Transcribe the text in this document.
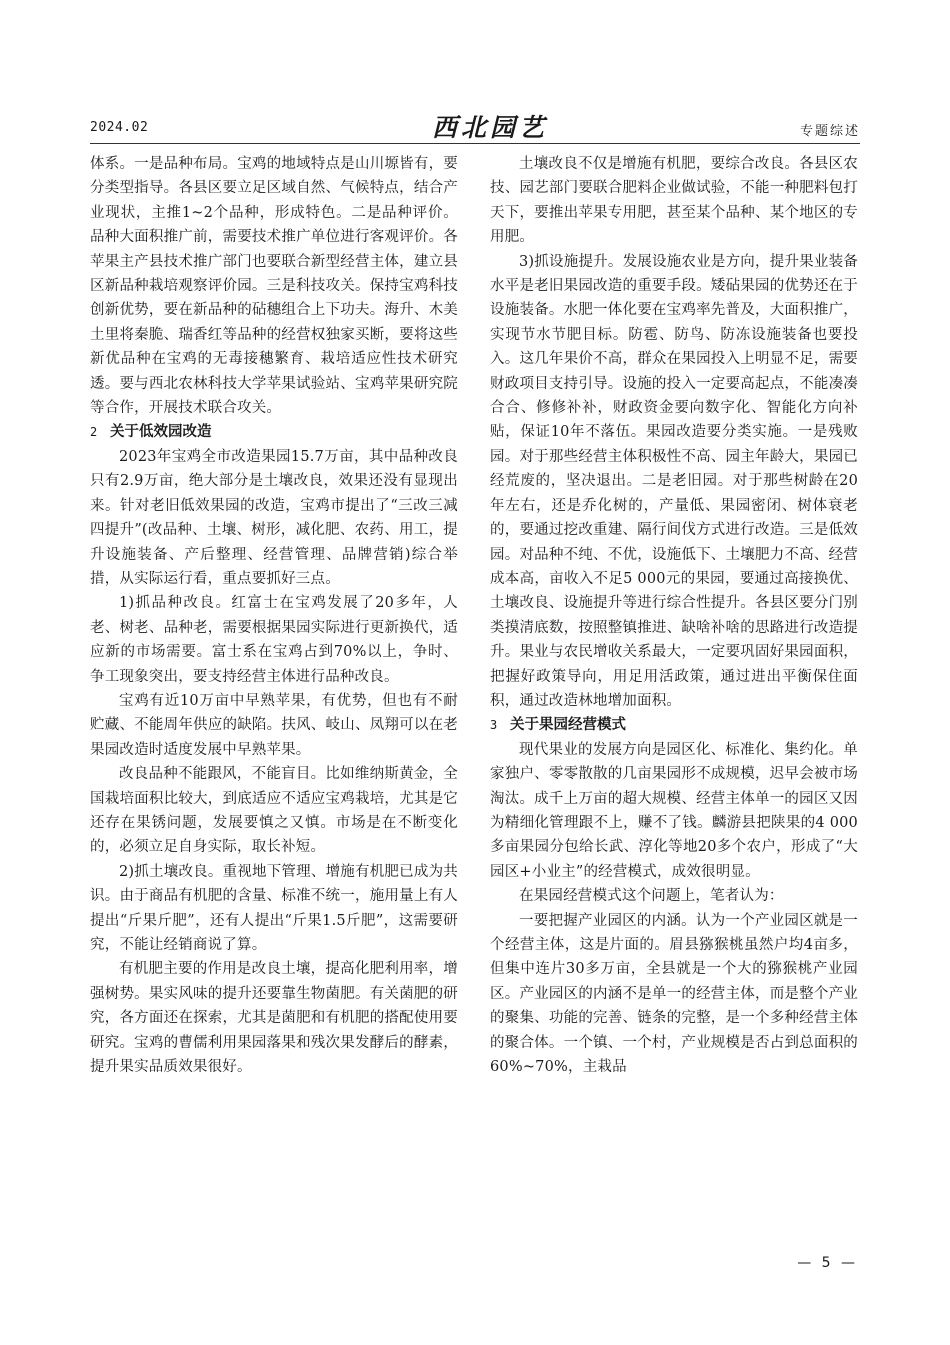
2024.02	西北园艺	专题综述

体系。一是品种布局。宝鸡的地域特点是山川塬皆有，要分类型指导。各县区要立足区域自然、气候特点，结合产业现状，主推1~2个品种，形成特色。二是品种评价。品种大面积推广前，需要技术推广单位进行客观评价。各苹果主产县技术推广部门也要联合新型经营主体，建立县区新品种栽培观察评价园。三是科技攻关。保持宝鸡科技创新优势，要在新品种的砧穗组合上下功夫。海升、木美土里将秦脆、瑞香红等品种的经营权独家买断，要将这些新优品种在宝鸡的无毒接穗繁育、栽培适应性技术研究透。要与西北农林科技大学苹果试验站、宝鸡苹果研究院等合作，开展技术联合攻关。

2 关于低效园改造

2023年宝鸡全市改造果园15.7万亩，其中品种改良只有2.9万亩，绝大部分是土壤改良，效果还没有显现出来。针对老旧低效果园的改造，宝鸡市提出了“三改三减四提升”(改品种、土壤、树形，减化肥、农药、用工，提升设施装备、产后整理、经营管理、品牌营销)综合举措，从实际运行看，重点要抓好三点。

1)抓品种改良。红富士在宝鸡发展了20多年，人老、树老、品种老，需要根据果园实际进行更新换代，适应新的市场需要。富士系在宝鸡占到70%以上，争时、争工现象突出，要支持经营主体进行品种改良。

宝鸡有近10万亩中早熟苹果，有优势，但也有不耐贮藏、不能周年供应的缺陷。扶风、岐山、凤翔可以在老果园改造时适度发展中早熟苹果。

改良品种不能跟风，不能盲目。比如维纳斯黄金，全国栽培面积比较大，到底适应不适应宝鸡栽培，尤其是它还存在果锈问题，发展要慎之又慎。市场是在不断变化的，必须立足自身实际，取长补短。

2)抓土壤改良。重视地下管理、增施有机肥已成为共识。由于商品有机肥的含量、标准不统一，施用量上有人提出“斤果斤肥”，还有人提出“斤果1.5斤肥”，这需要研究，不能让经销商说了算。

有机肥主要的作用是改良土壤，提高化肥利用率，增强树势。果实风味的提升还要靠生物菌肥。有关菌肥的研究，各方面还在探索，尤其是菌肥和有机肥的搭配使用要研究。宝鸡的曹儒利用果园落果和残次果发酵后的酵素，提升果实品质效果很好。

土壤改良不仅是增施有机肥，要综合改良。各县区农技、园艺部门要联合肥料企业做试验，不能一种肥料包打天下，要推出苹果专用肥，甚至某个品种、某个地区的专用肥。

3)抓设施提升。发展设施农业是方向，提升果业装备水平是老旧果园改造的重要手段。矮砧果园的优势还在于设施装备。水肥一体化要在宝鸡率先普及，大面积推广，实现节水节肥目标。防雹、防鸟、防冻设施装备也要投入。这几年果价不高，群众在果园投入上明显不足，需要财政项目支持引导。设施的投入一定要高起点，不能凑凑合合、修修补补，财政资金要向数字化、智能化方向补贴，保证10年不落伍。果园改造要分类实施。一是残败园。对于那些经营主体积极性不高、园主年龄大，果园已经荒废的，坚决退出。二是老旧园。对于那些树龄在20年左右，还是乔化树的，产量低、果园密闭、树体衰老的，要通过挖改重建、隔行间伐方式进行改造。三是低效园。对品种不纯、不优，设施低下、土壤肥力不高、经营成本高，亩收入不足5 000元的果园，要通过高接换优、土壤改良、设施提升等进行综合性提升。各县区要分门别类摸清底数，按照整镇推进、缺啥补啥的思路进行改造提升。果业与农民增收关系最大，一定要巩固好果园面积，把握好政策导向，用足用活政策，通过进出平衡保住面积，通过改造林地增加面积。

3 关于果园经营模式

现代果业的发展方向是园区化、标准化、集约化。单家独户、零零散散的几亩果园形不成规模，迟早会被市场淘汰。成千上万亩的超大规模、经营主体单一的园区又因为精细化管理跟不上，赚不了钱。麟游县把陕果的4 000多亩果园分包给长武、淳化等地20多个农户，形成了“大园区+小业主”的经营模式，成效很明显。

在果园经营模式这个问题上，笔者认为：

一要把握产业园区的内涵。认为一个产业园区就是一个经营主体，这是片面的。眉县猕猴桃虽然户均4亩多，但集中连片30多万亩，全县就是一个大的猕猴桃产业园区。产业园区的内涵不是单一的经营主体，而是整个产业的聚集、功能的完善、链条的完整，是一个多种经营主体的聚合体。一个镇、一个村，产业规模是否占到总面积的60%~70%，主栽品

— 5 —
